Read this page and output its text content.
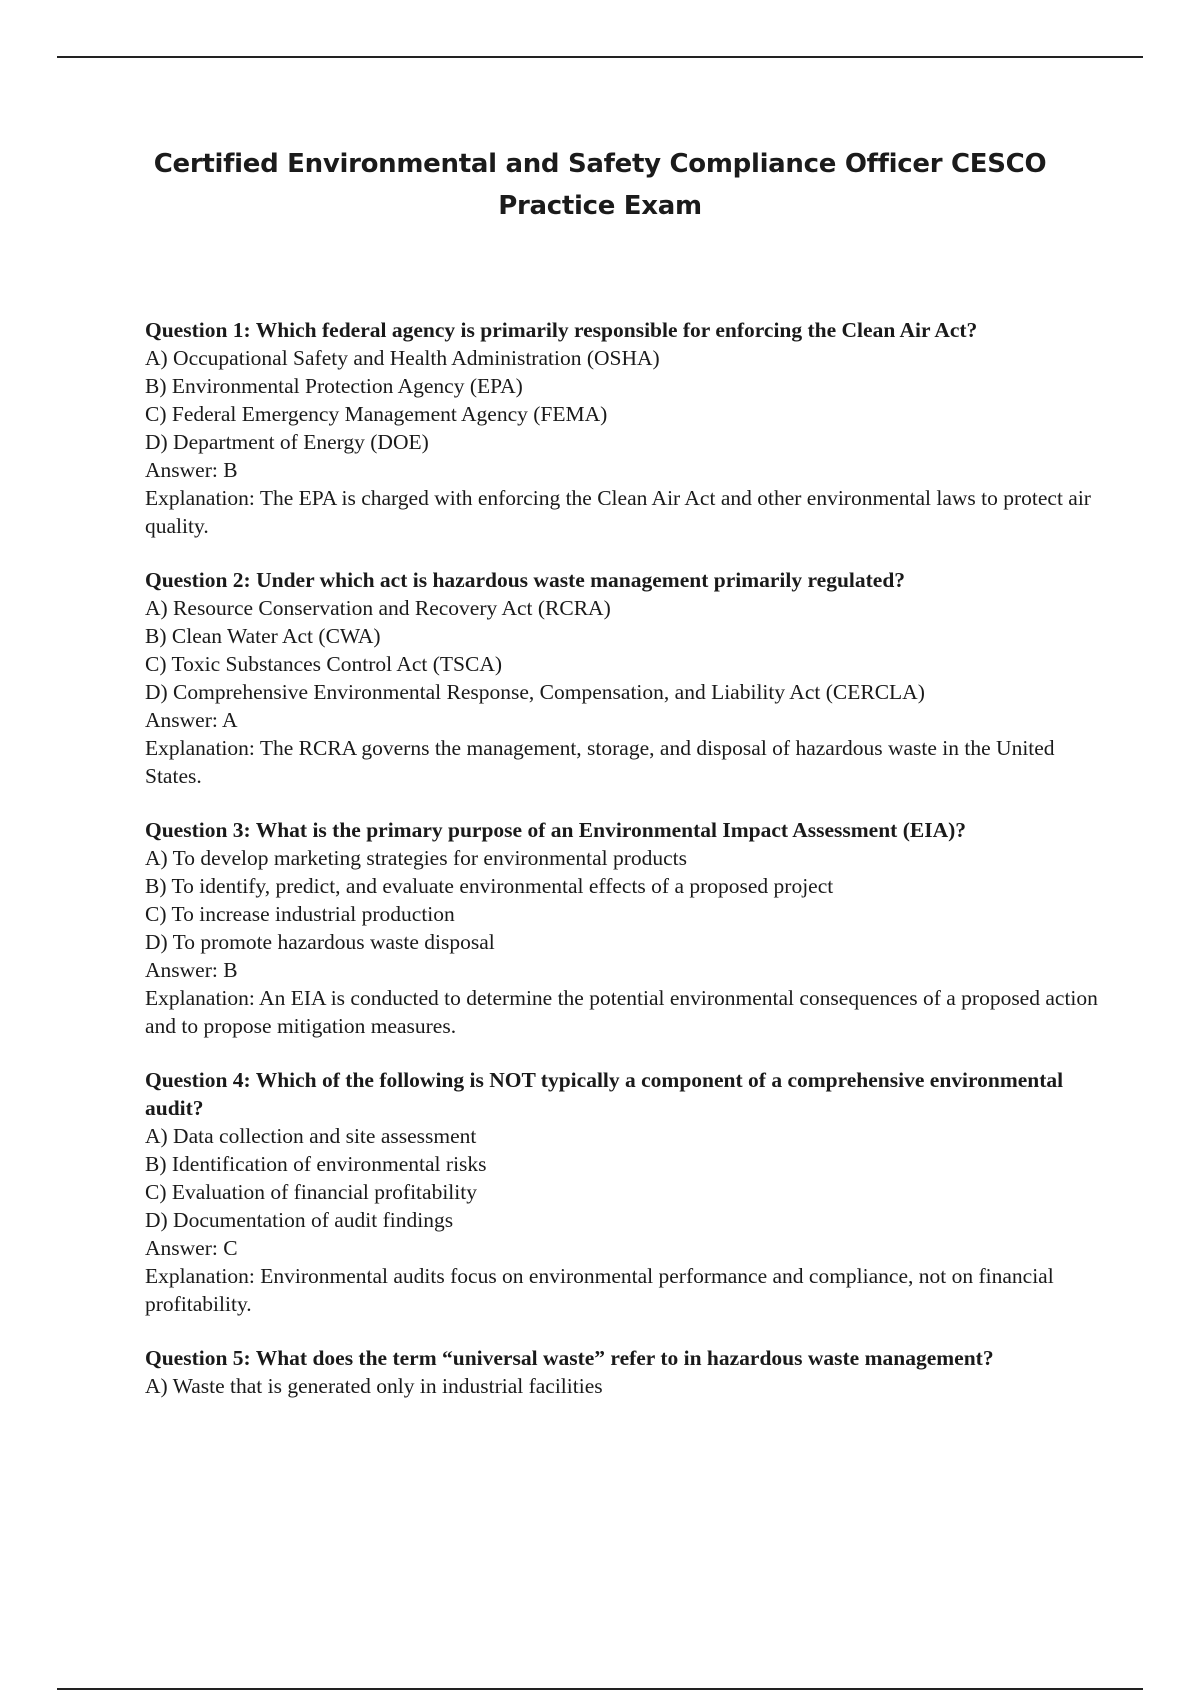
Certified Environmental and Safety Compliance Officer CESCO Practice Exam

Question 1: Which federal agency is primarily responsible for enforcing the Clean Air Act?

A) Occupational Safety and Health Administration (OSHA)

B) Environmental Protection Agency (EPA)

C) Federal Emergency Management Agency (FEMA)

D) Department of Energy (DOE)

Answer: B

Explanation: The EPA is charged with enforcing the Clean Air Act and other environmental laws to protect air quality.

Question 2: Under which act is hazardous waste management primarily regulated?

A) Resource Conservation and Recovery Act (RCRA)

B) Clean Water Act (CWA)

C) Toxic Substances Control Act (TSCA)

D) Comprehensive Environmental Response, Compensation, and Liability Act (CERCLA)

Answer: A

Explanation: The RCRA governs the management, storage, and disposal of hazardous waste in the United States.

Question 3: What is the primary purpose of an Environmental Impact Assessment (EIA)?

A) To develop marketing strategies for environmental products

B) To identify, predict, and evaluate environmental effects of a proposed project

C) To increase industrial production

D) To promote hazardous waste disposal

Answer: B

Explanation: An EIA is conducted to determine the potential environmental consequences of a proposed action and to propose mitigation measures.

Question 4: Which of the following is NOT typically a component of a comprehensive environmental audit?

A) Data collection and site assessment

B) Identification of environmental risks

C) Evaluation of financial profitability

D) Documentation of audit findings

Answer: C

Explanation: Environmental audits focus on environmental performance and compliance, not on financial profitability.

Question 5: What does the term “universal waste” refer to in hazardous waste management?

A) Waste that is generated only in industrial facilities
